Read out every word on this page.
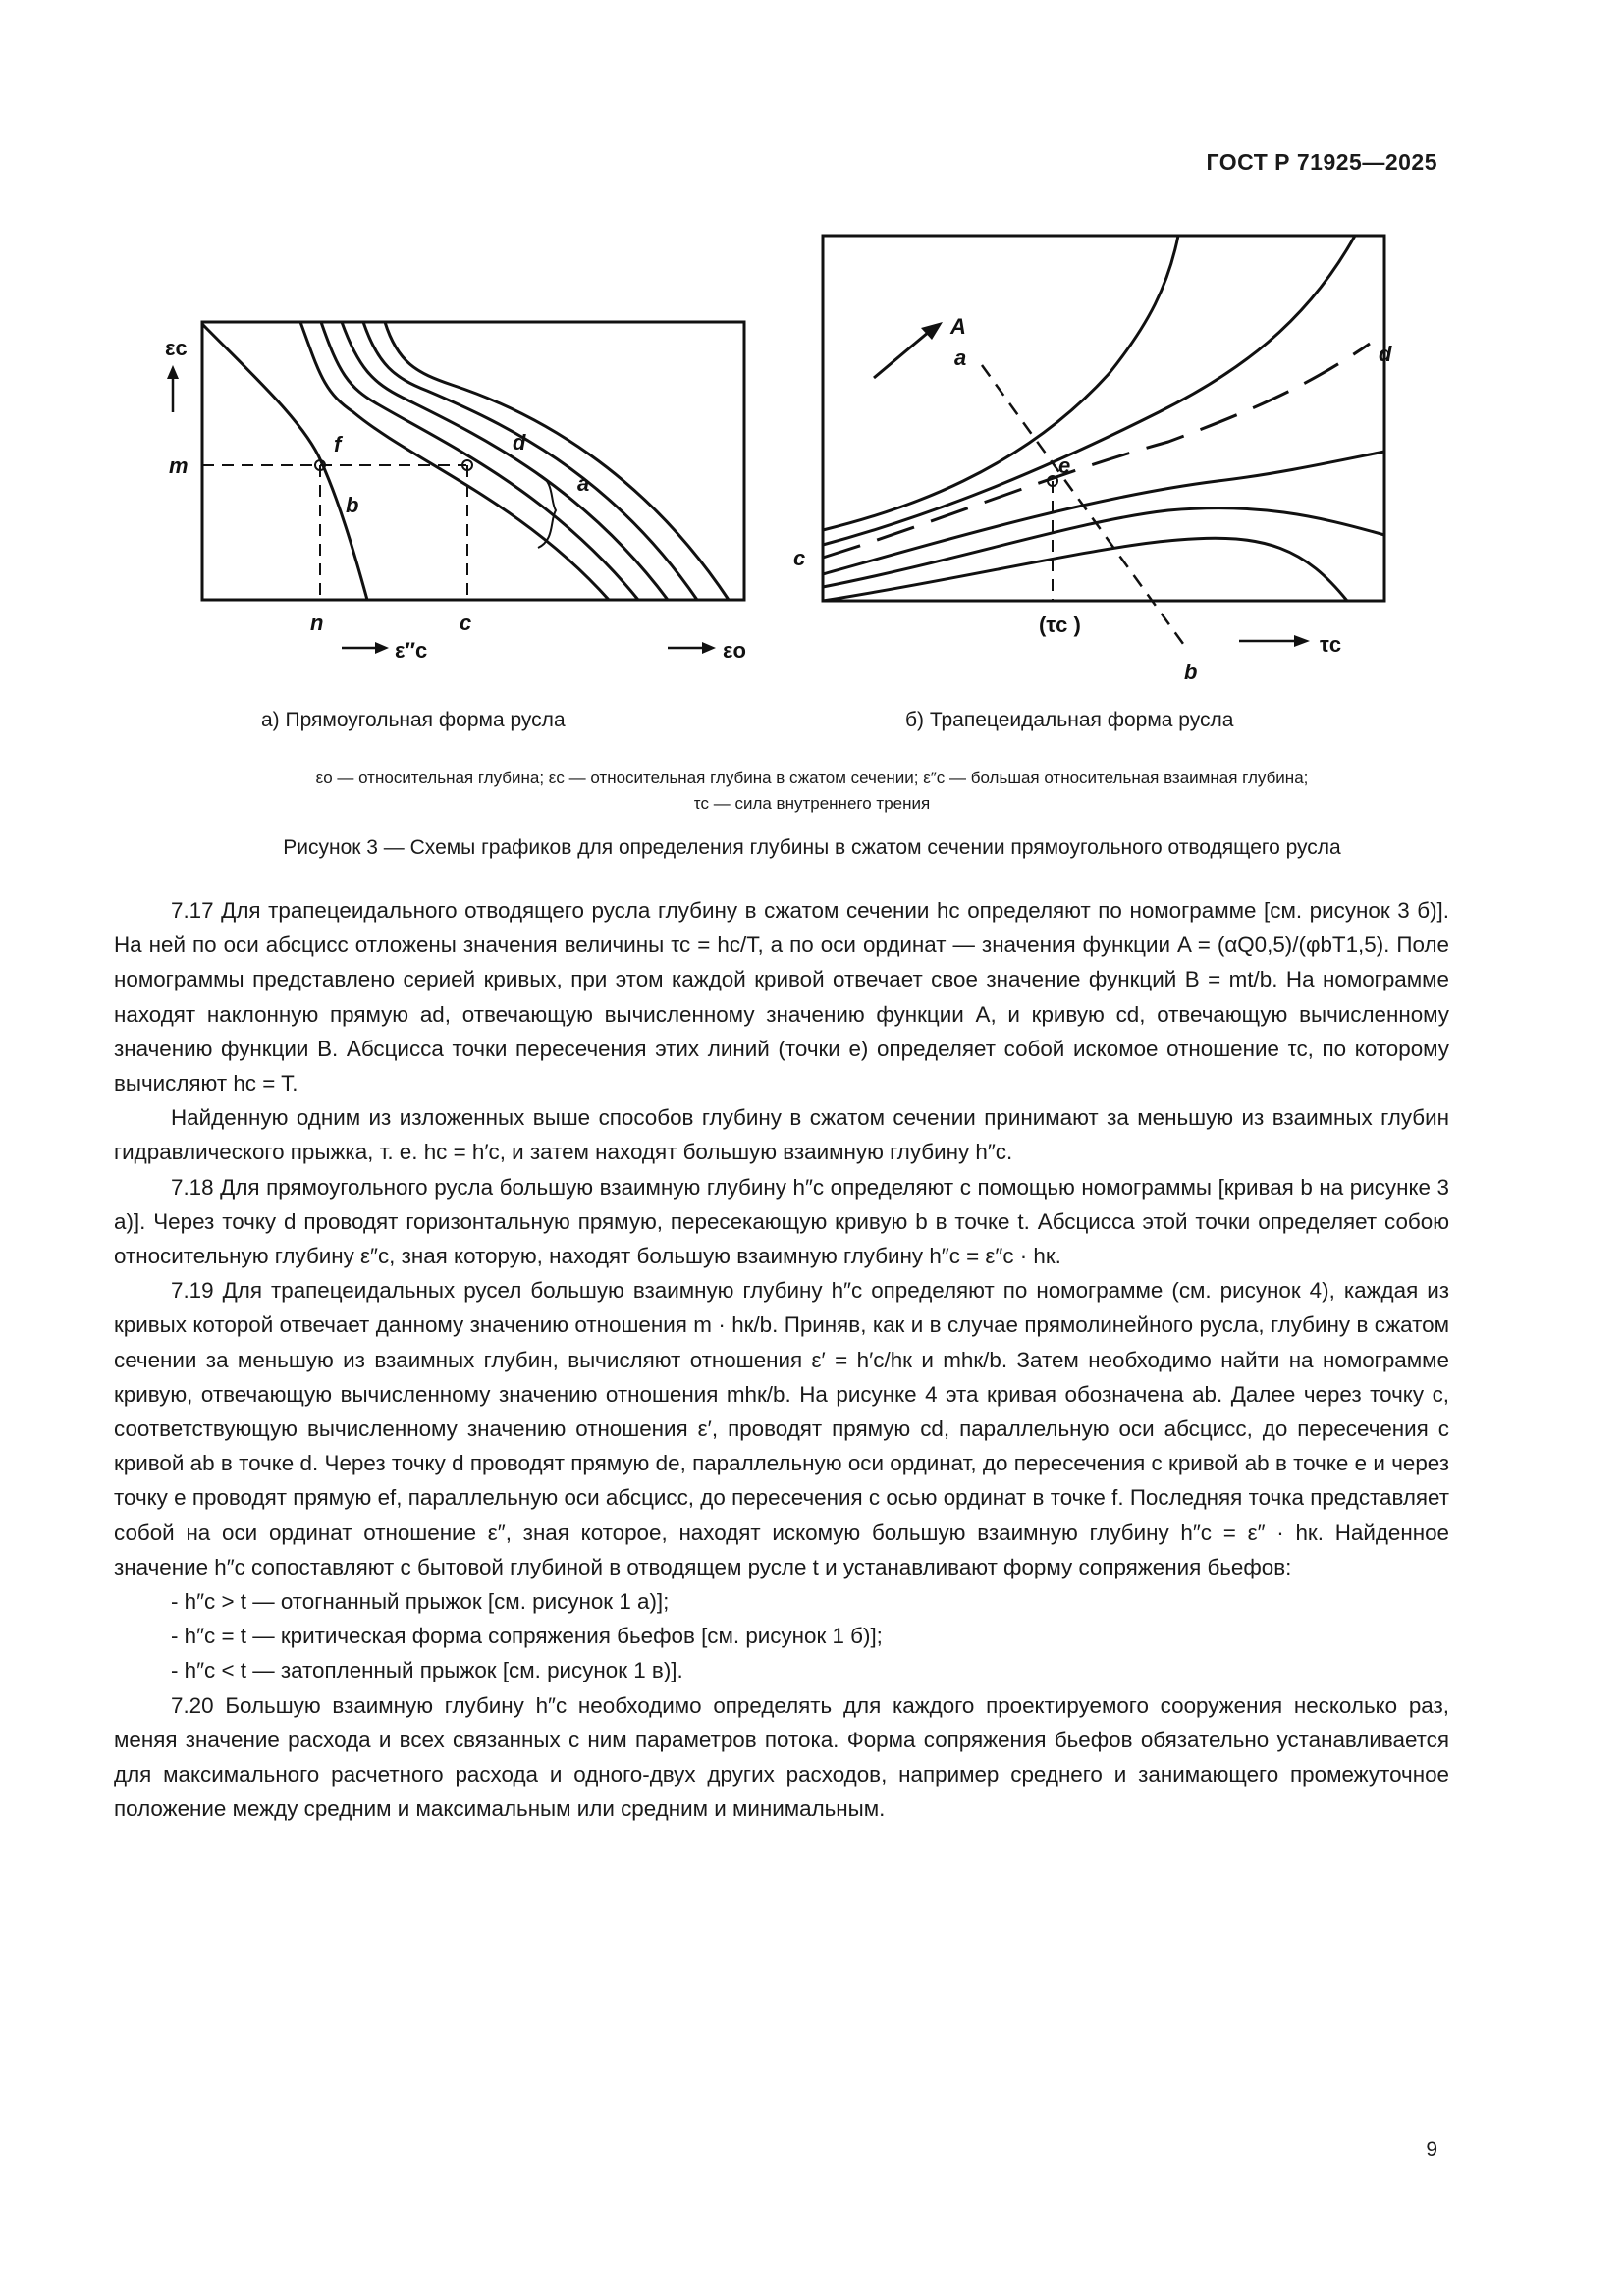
ГОСТ Р 71925—2025
εc
m
f
b
d
a
n	c
ε″c	εo
а) Прямоугольная форма русла
A
a	d
e
c
(τc )
b
τc
б) Трапецеидальная форма русла
εo — относительная глубина; εc — относительная глубина в сжатом сечении; ε″c — большая относительная взаимная глубина;
τc — сила внутреннего трения
Рисунок 3 — Схемы графиков для определения глубины в сжатом сечении прямоугольного отводящего русла

7.17 Для трапецеидального отводящего русла глубину в сжатом сечении hc определяют по номограмме [см. рисунок 3 б)]. На ней по оси абсцисс отложены значения величины τc = hc/T, а по оси ординат — значения функции A = (αQ0,5)/(φbT1,5). Поле номограммы представлено серией кривых, при этом каждой кривой отвечает свое значение функций B = mt/b. На номограмме находят наклонную прямую ad, отвечающую вычисленному значению функции A, и кривую cd, отвечающую вычисленному значению функции B. Абсцисса точки пересечения этих линий (точки e) определяет собой искомое отношение τc, по которому вычисляют hc = T.

Найденную одним из изложенных выше способов глубину в сжатом сечении принимают за меньшую из взаимных глубин гидравлического прыжка, т. е. hc = h′c, и затем находят большую взаимную глубину h″c.

7.18 Для прямоугольного русла большую взаимную глубину h″c определяют с помощью номограммы [кривая b на рисунке 3 а)]. Через точку d проводят горизонтальную прямую, пересекающую кривую b в точке t. Абсцисса этой точки определяет собою относительную глубину ε″c, зная которую, находят большую взаимную глубину h″c = ε″c · hк.

7.19 Для трапецеидальных русел большую взаимную глубину h″c определяют по номограмме (см. рисунок 4), каждая из кривых которой отвечает данному значению отношения m · hк/b. Приняв, как и в случае прямолинейного русла, глубину в сжатом сечении за меньшую из взаимных глубин, вычисляют отношения ε′ = h′c/hк и mhк/b. Затем необходимо найти на номограмме кривую, отвечающую вычисленному значению отношения mhк/b. На рисунке 4 эта кривая обозначена ab. Далее через точку c, соответствующую вычисленному значению отношения ε′, проводят прямую cd, параллельную оси абсцисс, до пересечения с кривой ab в точке d. Через точку d проводят прямую de, параллельную оси ординат, до пересечения с кривой ab в точке e и через точку e проводят прямую ef, параллельную оси абсцисс, до пересечения с осью ординат в точке f. Последняя точка представляет собой на оси ординат отношение ε″, зная которое, находят искомую большую взаимную глубину h″c = ε″ · hк. Найденное значение h″c сопоставляют с бытовой глубиной в отводящем русле t и устанавливают форму сопряжения бьефов:

- h″c > t — отогнанный прыжок [см. рисунок 1 а)];

- h″c = t — критическая форма сопряжения бьефов [см. рисунок 1 б)];

- h″c < t — затопленный прыжок [см. рисунок 1 в)].

7.20 Большую взаимную глубину h″c необходимо определять для каждого проектируемого сооружения несколько раз, меняя значение расхода и всех связанных с ним параметров потока. Форма сопряжения бьефов обязательно устанавливается для максимального расчетного расхода и одного-двух других расходов, например среднего и занимающего промежуточное положение между средним и максимальным или средним и минимальным.

9
